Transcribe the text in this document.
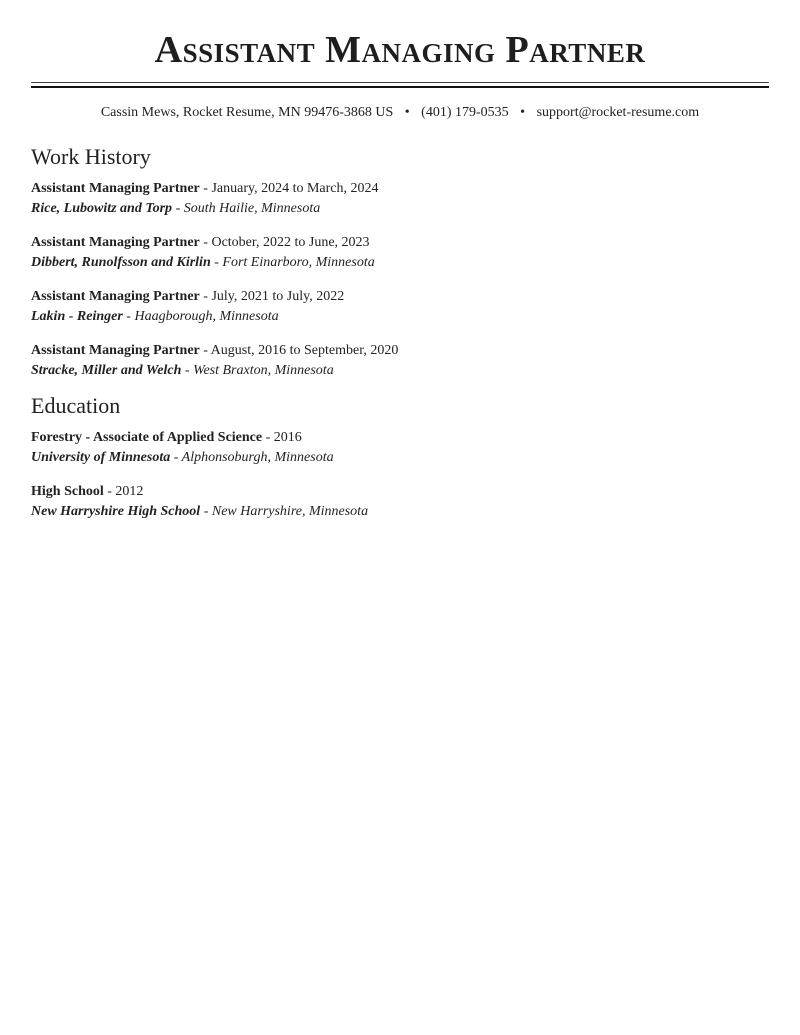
Assistant Managing Partner
Cassin Mews, Rocket Resume, MN 99476-3868 US • (401) 179-0535 • support@rocket-resume.com
Work History
Assistant Managing Partner - January, 2024 to March, 2024
Rice, Lubowitz and Torp - South Hailie, Minnesota
Assistant Managing Partner - October, 2022 to June, 2023
Dibbert, Runolfsson and Kirlin - Fort Einarboro, Minnesota
Assistant Managing Partner - July, 2021 to July, 2022
Lakin - Reinger - Haagborough, Minnesota
Assistant Managing Partner - August, 2016 to September, 2020
Stracke, Miller and Welch - West Braxton, Minnesota
Education
Forestry - Associate of Applied Science - 2016
University of Minnesota - Alphonsoburgh, Minnesota
High School - 2012
New Harryshire High School - New Harryshire, Minnesota
